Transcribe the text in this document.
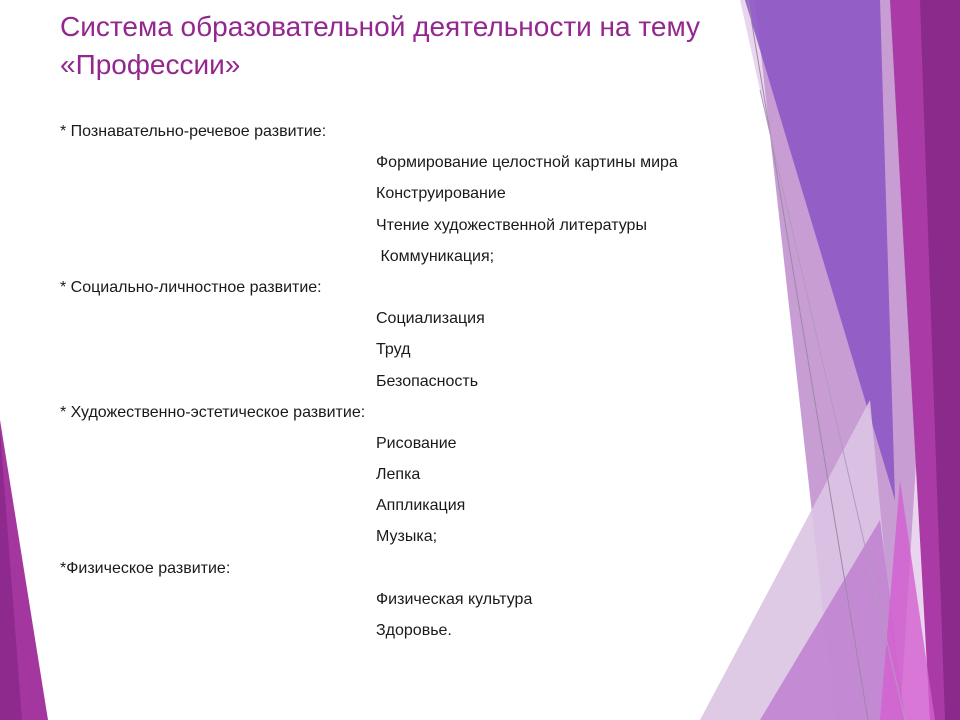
Система образовательной деятельности на тему
«Профессии»
* Познавательно-речевое развитие:
Формирование целостной картины мира
Конструирование
Чтение художественной литературы
Коммуникация;
* Социально-личностное развитие:
Социализация
Труд
Безопасность
* Художественно-эстетическое развитие:
Рисование
Лепка
Аппликация
Музыка;
*Физическое развитие:
Физическая культура
Здоровье.
